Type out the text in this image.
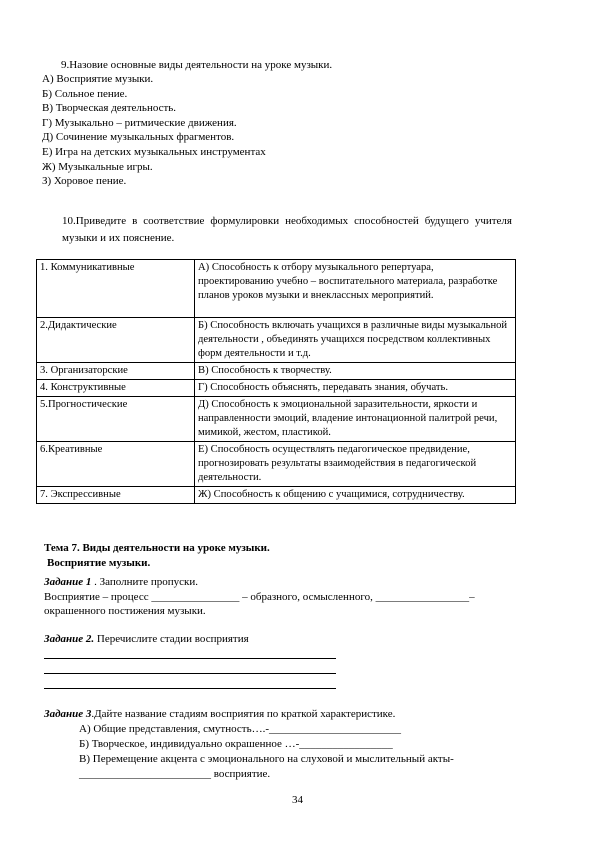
9.Назовие основные виды деятельности на уроке музыки.
А) Восприятие музыки.
Б) Сольное пение.
В) Творческая деятельность.
Г) Музыкально – ритмические движения.
Д) Сочинение музыкальных фрагментов.
Е) Игра на детских музыкальных инструментах
Ж) Музыкальные игры.
З) Хоровое пение.
10.Приведите в соответствие формулировки необходимых способностей будущего учителя музыки и их пояснение.
1. Коммуникативные	А) Способность к отбору музыкального репертуара, проектированию учебно – воспитательного материала, разработке планов уроков музыки и внеклассных мероприятий.
2.Дидактические	Б) Способность включать учащихся в различные виды музыкальной деятельности , объединять учащихся посредством коллективных форм деятельности и т.д.
3. Организаторские	В) Способность к творчеству.
4. Конструктивные	Г) Способность объяснять, передавать знания, обучать.
5.Прогностические	Д) Способность к эмоциональной заразительности, яркости и направленности эмоций, владение интонационной палитрой речи, мимикой, жестом, пластикой.
6.Креативные	Е) Способность осуществлять педагогическое предвидение, прогнозировать результаты взаимодействия в педагогической деятельности.
7. Экспрессивные	Ж) Способность к общению с учащимися, сотрудничеству.
Тема 7. Виды деятельности на уроке музыки.
Восприятие музыки.
Задание 1 . Заполните пропуски.
Восприятие – процесс ________________ – образного, осмысленного, _________________–
окрашенного постижения музыки.
Задание 2. Перечислите стадии восприятия
Задание 3.Дайте название стадиям восприятия по краткой характеристике.
А) Общие представления, смутность….-________________________
Б) Творческое, индивидуально окрашенное …-_________________
В) Перемещение акцента с эмоционального на слуховой и мыслительный акты-
________________________ восприятие.
34
